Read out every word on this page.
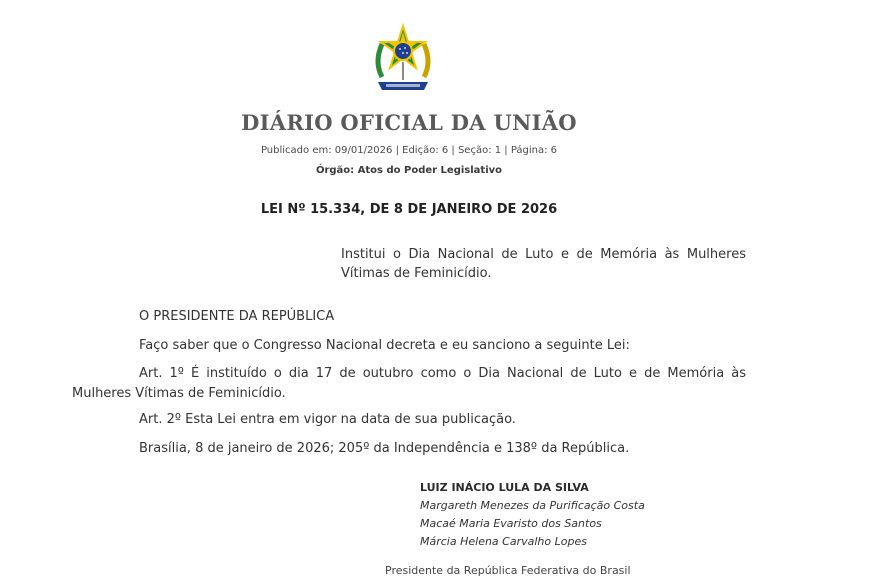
DIÁRIO OFICIAL DA UNIÃO
Publicado em: 09/01/2026 | Edição: 6 | Seção: 1 | Página: 6
Órgão: Atos do Poder Legislativo
LEI Nº 15.334, DE 8 DE JANEIRO DE 2026
Institui o Dia Nacional de Luto e de Memória às Mulheres Vítimas de Feminicídio.
O PRESIDENTE DA REPÚBLICA
Faço saber que o Congresso Nacional decreta e eu sanciono a seguinte Lei:
Art. 1º É instituído o dia 17 de outubro como o Dia Nacional de Luto e de Memória às Mulheres Vítimas de Feminicídio.
Art. 2º Esta Lei entra em vigor na data de sua publicação.
Brasília, 8 de janeiro de 2026; 205º da Independência e 138º da República.
LUIZ INÁCIO LULA DA SILVA
Margareth Menezes da Purificação Costa
Macaé Maria Evaristo dos Santos
Márcia Helena Carvalho Lopes
Presidente da República Federativa do Brasil
